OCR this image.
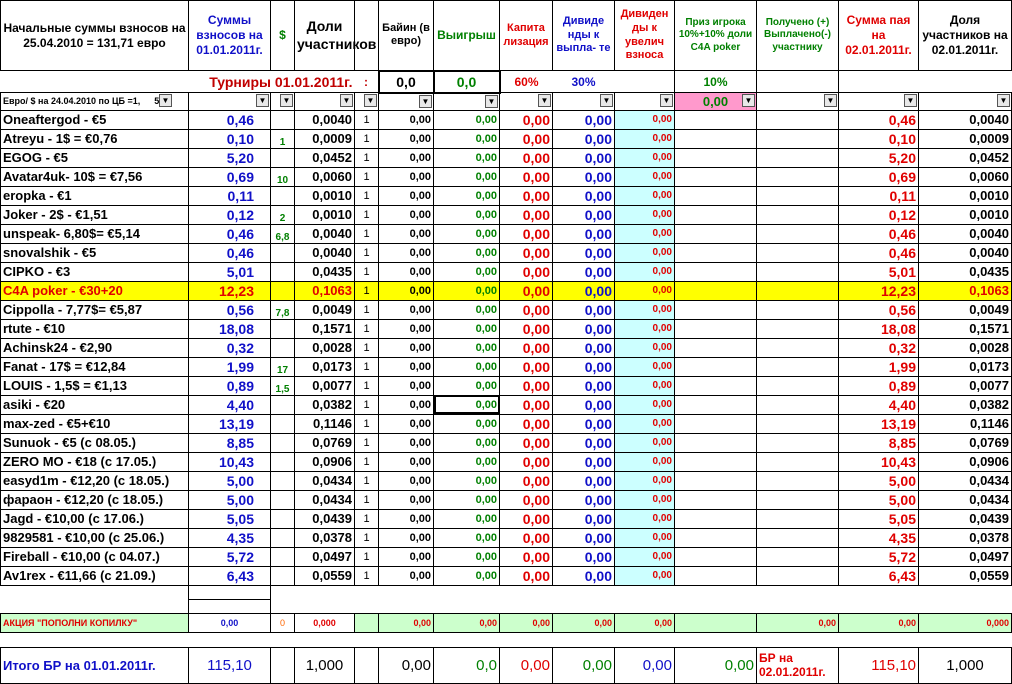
Начальные суммы взносов на 25.04.2010 = 131,71 евро	Суммы взносов на 01.01.2011г.	$	Доли участников		Байин (в евро)	Выигрыш	Капита лизация	Дивиде нды к выпла- те	Дивиден ды к увелич взноса	Приз игрока 10%+10% доли C4A poker	Получено (+) Выплачено(-) участнику	Сумма пая на 02.01.2011г.	Доля участников на 02.01.2011г.
	Турниры 01.01.2011г.			:	0,0	0,0	60%	30%		10%			
Евро/ $ на 24.04.2010 по ЦБ =1, 5 ▼	▼	▼	▼	▼	▼	▼	▼	▼	▼	0,00 ▼	▼	▼	▼

Oneaftergod - €5	0,46		0,0040	1	0,00	0,00	0,00	0,00	0,00			0,46	0,0040
Atreyu - 1$ = €0,76	0,10	1	0,0009	1	0,00	0,00	0,00	0,00	0,00			0,10	0,0009
EGOG - €5	5,20		0,0452	1	0,00	0,00	0,00	0,00	0,00			5,20	0,0452
Avatar4uk- 10$ = €7,56	0,69	10	0,0060	1	0,00	0,00	0,00	0,00	0,00			0,69	0,0060
eropka - €1	0,11		0,0010	1	0,00	0,00	0,00	0,00	0,00			0,11	0,0010
Joker - 2$ - €1,51	0,12	2	0,0010	1	0,00	0,00	0,00	0,00	0,00			0,12	0,0010
unspeak- 6,80$= €5,14	0,46	6,8	0,0040	1	0,00	0,00	0,00	0,00	0,00			0,46	0,0040
snovalshik - €5	0,46		0,0040	1	0,00	0,00	0,00	0,00	0,00			0,46	0,0040
CIPKO - €3	5,01		0,0435	1	0,00	0,00	0,00	0,00	0,00			5,01	0,0435
C4A poker - €30+20	12,23		0,1063	1	0,00	0,00	0,00	0,00	0,00			12,23	0,1063
Cippolla - 7,77$= €5,87	0,56	7,8	0,0049	1	0,00	0,00	0,00	0,00	0,00			0,56	0,0049
rtute - €10	18,08		0,1571	1	0,00	0,00	0,00	0,00	0,00			18,08	0,1571
Achinsk24 - €2,90	0,32		0,0028	1	0,00	0,00	0,00	0,00	0,00			0,32	0,0028
Fanat - 17$ = €12,84	1,99	17	0,0173	1	0,00	0,00	0,00	0,00	0,00			1,99	0,0173
LOUIS - 1,5$ = €1,13	0,89	1,5	0,0077	1	0,00	0,00	0,00	0,00	0,00			0,89	0,0077
asiki - €20	4,40		0,0382	1	0,00	0,00	0,00	0,00	0,00			4,40	0,0382
max-zed - €5+€10	13,19		0,1146	1	0,00	0,00	0,00	0,00	0,00			13,19	0,1146
Sunuok - €5 (с 08.05.)	8,85		0,0769	1	0,00	0,00	0,00	0,00	0,00			8,85	0,0769
ZERO MO - €18 (с 17.05.)	10,43		0,0906	1	0,00	0,00	0,00	0,00	0,00			10,43	0,0906
easyd1m - €12,20 (с 18.05.)	5,00		0,0434	1	0,00	0,00	0,00	0,00	0,00			5,00	0,0434
фараон - €12,20 (с 18.05.)	5,00		0,0434	1	0,00	0,00	0,00	0,00	0,00			5,00	0,0434
Jagd - €10,00 (с 17.06.)	5,05		0,0439	1	0,00	0,00	0,00	0,00	0,00			5,05	0,0439
9829581 - €10,00 (с 25.06.)	4,35		0,0378	1	0,00	0,00	0,00	0,00	0,00			4,35	0,0378
Fireball - €10,00 (с 04.07.)	5,72		0,0497	1	0,00	0,00	0,00	0,00	0,00			5,72	0,0497
Av1rex - €11,66 (с 21.09.)	6,43		0,0559	1	0,00	0,00	0,00	0,00	0,00			6,43	0,0559

АКЦИЯ "ПОПОЛНИ КОПИЛКУ"	0,00	0	0,000		0,00	0,00	0,00	0,00	0,00		0,00	0,00	0,000

Итого БР на 01.01.2011г.	115,10		1,000		0,00	0,0	0,00	0,00	0,00	0,00	БР на 02.01.2011г.	115,10	1,000
